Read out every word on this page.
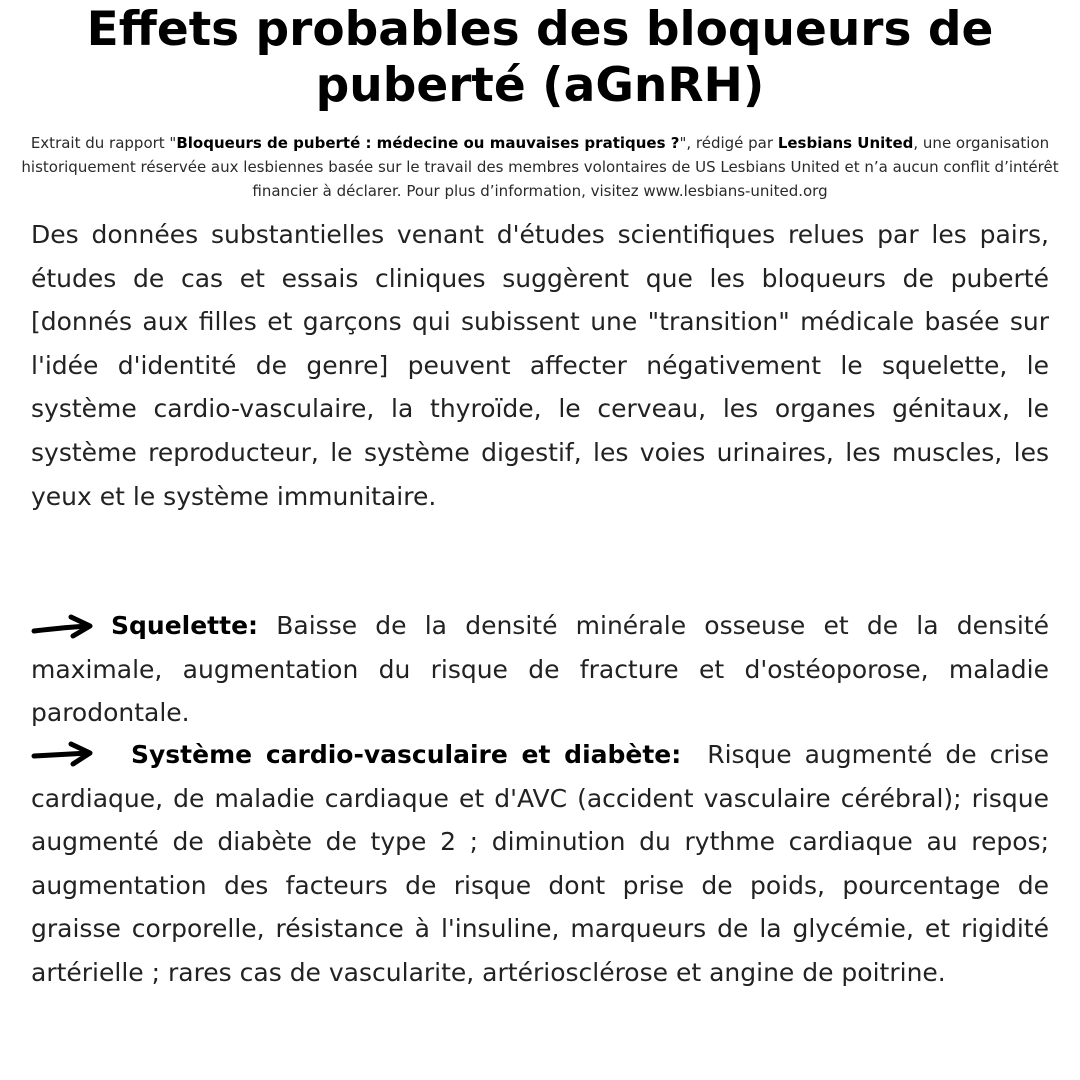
Effets probables des bloqueurs de puberté (aGnRH)

Extrait du rapport "Bloqueurs de puberté : médecine ou mauvaises pratiques ?", rédigé par Lesbians United, une organisation historiquement réservée aux lesbiennes basée sur le travail des membres volontaires de US Lesbians United et n’a aucun conflit d’intérêt financier à déclarer. Pour plus d’information, visitez www.lesbians-united.org

Des données substantielles venant d'études scientifiques relues par les pairs, études de cas et essais cliniques suggèrent que les bloqueurs de puberté [donnés aux filles et garçons qui subissent une "transition" médicale basée sur l'idée d'identité de genre] peuvent affecter négativement le squelette, le système cardio-vasculaire, la thyroïde, le cerveau, les organes génitaux, le système reproducteur, le système digestif, les voies urinaires, les muscles, les yeux et le système immunitaire.

Squelette: Baisse de la densité minérale osseuse et de la densité maximale, augmentation du risque de fracture et d'ostéoporose, maladie parodontale.

Système cardio-vasculaire et diabète: Risque augmenté de crise cardiaque, de maladie cardiaque et d'AVC (accident vasculaire cérébral); risque augmenté de diabète de type 2 ; diminution du rythme cardiaque au repos; augmentation des facteurs de risque dont prise de poids, pourcentage de graisse corporelle, résistance à l'insuline, marqueurs de la glycémie, et rigidité artérielle ; rares cas de vascularite, artériosclérose et angine de poitrine.
